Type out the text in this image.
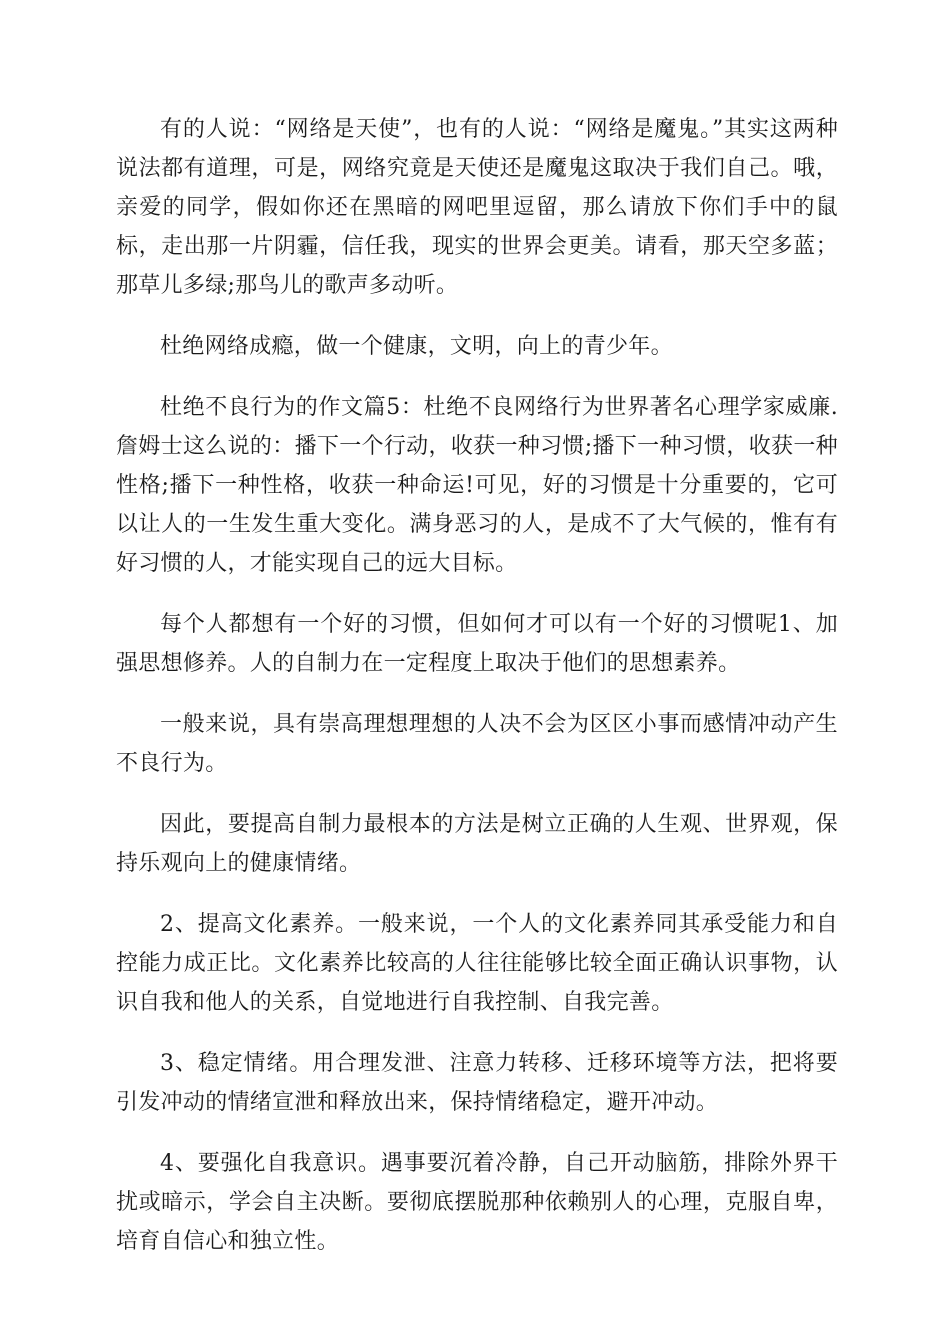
有的人说：“网络是天使”，也有的人说：“网络是魔鬼。”其实这两种说法都有道理，可是，网络究竟是天使还是魔鬼这取决于我们自己。哦，亲爱的同学，假如你还在黑暗的网吧里逗留，那么请放下你们手中的鼠标，走出那一片阴霾，信任我，现实的世界会更美。请看，那天空多蓝； 那草儿多绿;那鸟儿的歌声多动听。

杜绝网络成瘾，做一个健康，文明，向上的青少年。

杜绝不良行为的作文篇5：杜绝不良网络行为世界著名心理学家威廉.詹姆士这么说的：播下一个行动，收获一种习惯;播下一种习惯，收获一种性格;播下一种性格，收获一种命运!可见，好的习惯是十分重要的，它可以让人的一生发生重大变化。满身恶习的人，是成不了大气候的，惟有有好习惯的人，才能实现自己的远大目标。

每个人都想有一个好的习惯，但如何才可以有一个好的习惯呢1、加强思想修养。人的自制力在一定程度上取决于他们的思想素养。

一般来说，具有崇高理想理想的人决不会为区区小事而感情冲动产生不良行为。

因此，要提高自制力最根本的方法是树立正确的人生观、世界观，保持乐观向上的健康情绪。

2、提高文化素养。一般来说，一个人的文化素养同其承受能力和自控能力成正比。文化素养比较高的人往往能够比较全面正确认识事物，认识自我和他人的关系，自觉地进行自我控制、自我完善。

3、稳定情绪。用合理发泄、注意力转移、迁移环境等方法，把将要引发冲动的情绪宣泄和释放出来，保持情绪稳定，避开冲动。

4、要强化自我意识。遇事要沉着冷静，自己开动脑筋，排除外界干扰或暗示，学会自主决断。要彻底摆脱那种依赖别人的心理，克服自卑，培育自信心和独立性。
